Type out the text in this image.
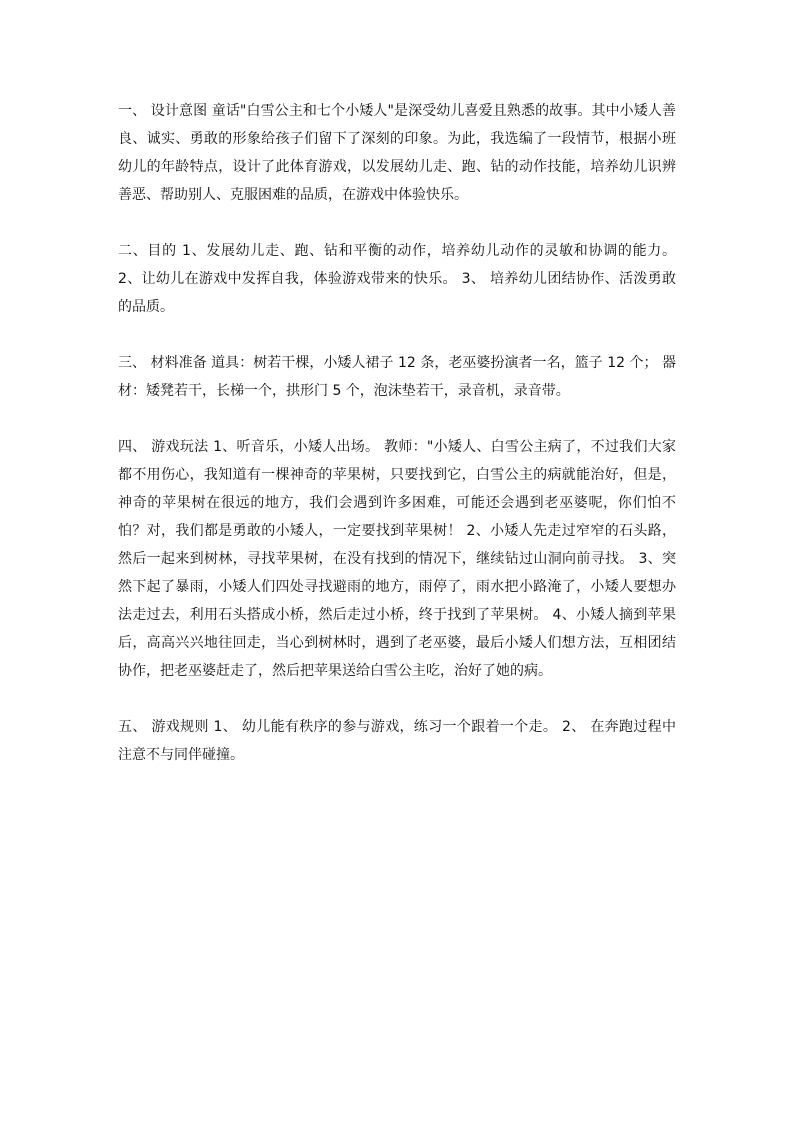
一、 设计意图 童话"白雪公主和七个小矮人"是深受幼儿喜爱且熟悉的故事。其中小矮人善良、诚实、勇敢的形象给孩子们留下了深刻的印象。为此，我选编了一段情节，根据小班幼儿的年龄特点，设计了此体育游戏，以发展幼儿走、跑、钻的动作技能，培养幼儿识辨善恶、帮助别人、克服困难的品质，在游戏中体验快乐。

二、目的 1、发展幼儿走、跑、钻和平衡的动作，培养幼儿动作的灵敏和协调的能力。 2、让幼儿在游戏中发挥自我，体验游戏带来的快乐。 3、 培养幼儿团结协作、活泼勇敢的品质。

三、 材料准备 道具：树若干棵，小矮人裙子 12 条，老巫婆扮演者一名，篮子 12 个； 器材：矮凳若干，长梯一个，拱形门 5 个，泡沫垫若干，录音机，录音带。

四、 游戏玩法 1、听音乐，小矮人出场。 教师："小矮人、白雪公主病了，不过我们大家都不用伤心，我知道有一棵神奇的苹果树，只要找到它，白雪公主的病就能治好，但是，神奇的苹果树在很远的地方，我们会遇到许多困难，可能还会遇到老巫婆呢，你们怕不怕？对，我们都是勇敢的小矮人，一定要找到苹果树！ 2、小矮人先走过窄窄的石头路，然后一起来到树林，寻找苹果树，在没有找到的情况下，继续钻过山洞向前寻找。 3、突然下起了暴雨，小矮人们四处寻找避雨的地方，雨停了，雨水把小路淹了，小矮人要想办法走过去，利用石头搭成小桥，然后走过小桥，终于找到了苹果树。 4、小矮人摘到苹果后，高高兴兴地往回走，当心到树林时，遇到了老巫婆，最后小矮人们想方法，互相团结协作，把老巫婆赶走了，然后把苹果送给白雪公主吃，治好了她的病。

五、 游戏规则 1、 幼儿能有秩序的参与游戏，练习一个跟着一个走。 2、 在奔跑过程中注意不与同伴碰撞。
